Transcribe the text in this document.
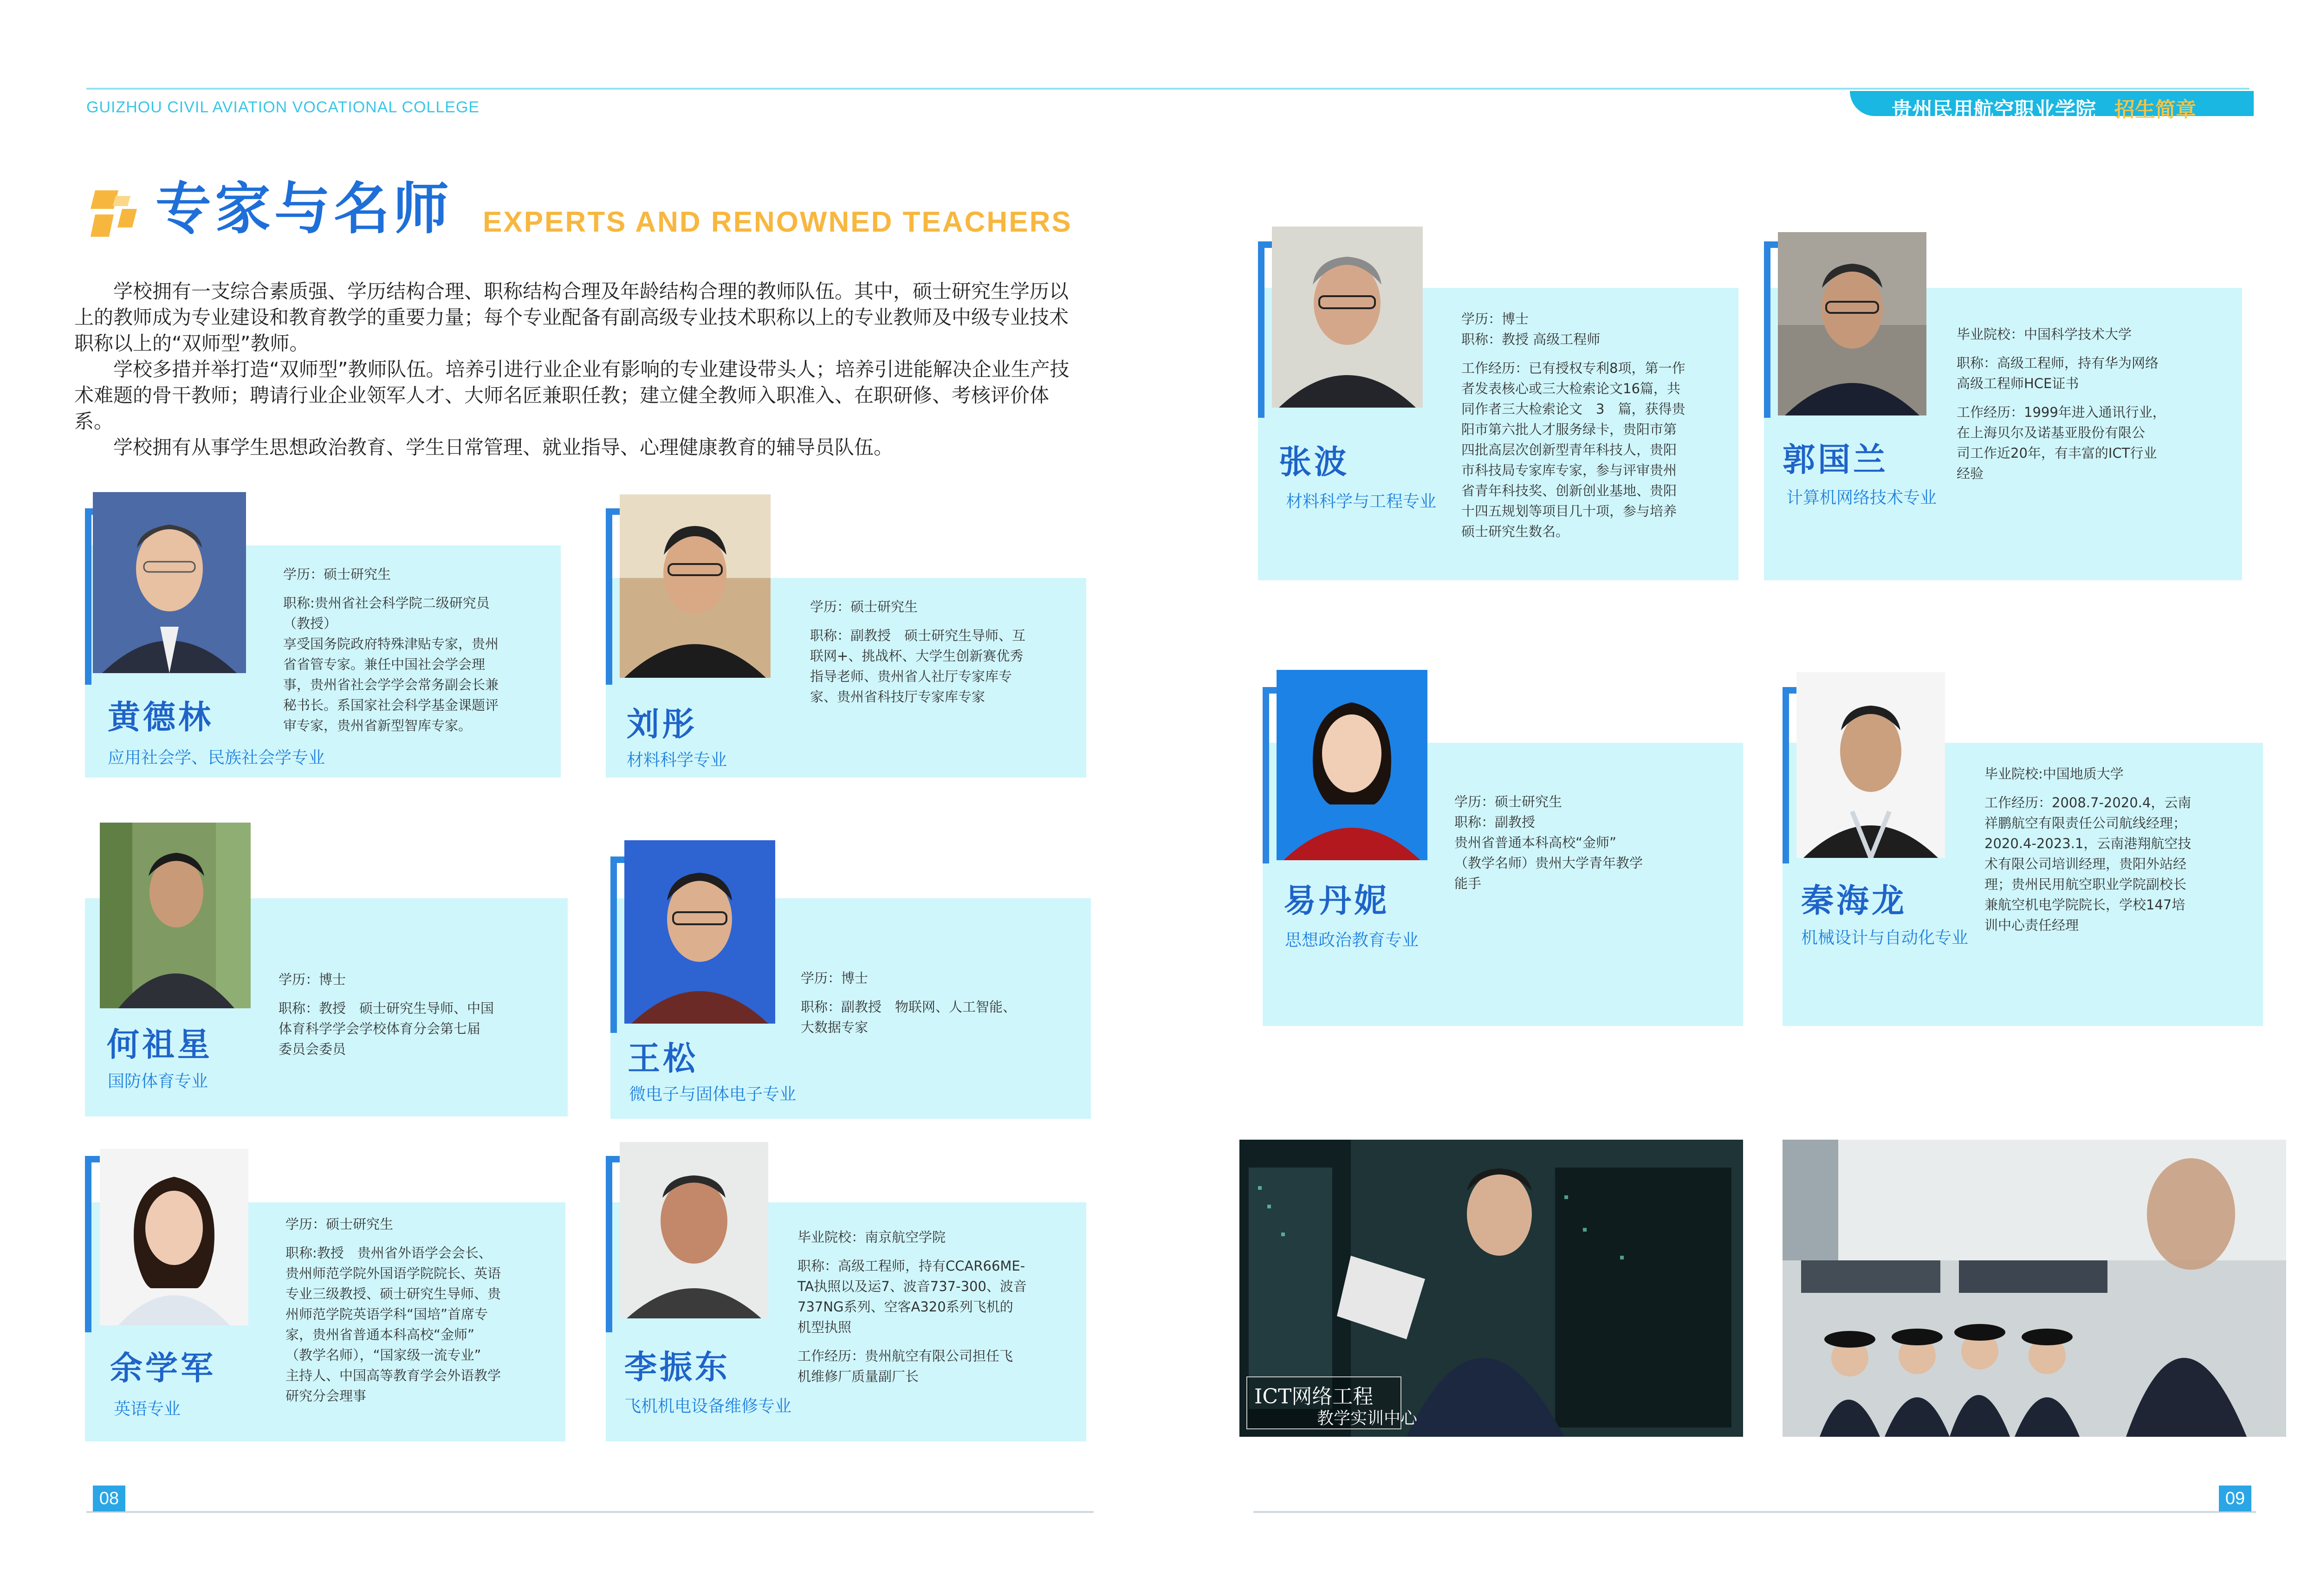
GUIZHOU CIVIL AVIATION VOCATIONAL COLLEGE	贵州民用航空职业学院 招生简章
专家与名师 EXPERTS AND RENOWNED TEACHERS

学校拥有一支综合素质强、学历结构合理、职称结构合理及年龄结构合理的教师队伍。其中，硕士研究生学历以上的教师成为专业建设和教育教学的重要力量；每个专业配备有副高级专业技术职称以上的专业教师及中级专业技术职称以上的“双师型”教师。

学校多措并举打造“双师型”教师队伍。培养引进行业企业有影响的专业建设带头人；培养引进能解决企业生产技术难题的骨干教师；聘请行业企业领军人才、大师名匠兼职任教；建立健全教师入职准入、在职研修、考核评价体系。

学校拥有从事学生思想政治教育、学生日常管理、就业指导、心理健康教育的辅导员队伍。

黄德林
应用社会学、民族社会学专业
学历：硕士研究生
职称:贵州省社会科学院二级研究员
（教授）
享受国务院政府特殊津贴专家，贵州
省省管专家。兼任中国社会学会理
事，贵州省社会学学会常务副会长兼
秘书长。系国家社会科学基金课题评
审专家，贵州省新型智库专家。	刘彤
材料科学专业
学历：硕士研究生
职称：副教授　硕士研究生导师、互
联网+、挑战杯、大学生创新赛优秀
指导老师、贵州省人社厅专家库专
家、贵州省科技厅专家库专家
何祖星
国防体育专业
学历：博士
职称：教授　硕士研究生导师、中国
体育科学学会学校体育分会第七届
委员会委员	王松
微电子与固体电子专业
学历：博士
职称：副教授　物联网、人工智能、
大数据专家
余学军
英语专业
学历：硕士研究生
职称:教授　贵州省外语学会会长、
贵州师范学院外国语学院院长、英语
专业三级教授、硕士研究生导师、贵
州师范学院英语学科“国培”首席专
家，贵州省普通本科高校“金师”
（教学名师），“国家级一流专业”
主持人、中国高等教育学会外语教学
研究分会理事
李振东
飞机机电设备维修专业
毕业院校：南京航空学院
职称：高级工程师，持有CCAR66ME-
TA执照以及运7、波音737-300、波音
737NG系列、空客A320系列飞机的
机型执照
工作经历：贵州航空有限公司担任飞
机维修厂质量副厂长
张波
材料科学与工程专业
学历：博士
职称：教授 高级工程师
工作经历：已有授权专利8项，第一作
者发表核心或三大检索论文16篇，共
同作者三大检索论文　3　篇，获得贵
阳市第六批人才服务绿卡，贵阳市第
四批高层次创新型青年科技人，贵阳
市科技局专家库专家，参与评审贵州
省青年科技奖、创新创业基地、贵阳
十四五规划等项目几十项，参与培养
硕士研究生数名。
郭国兰
计算机网络技术专业
毕业院校：中国科学技术大学
职称：高级工程师，持有华为网络
高级工程师HCE证书
工作经历：1999年进入通讯行业，
在上海贝尔及诺基亚股份有限公
司工作近20年，有丰富的ICT行业
经验
易丹妮
思想政治教育专业
学历：硕士研究生
职称：副教授
贵州省普通本科高校“金师”
（教学名师）贵州大学青年教学
能手	秦海龙
机械设计与自动化专业
毕业院校:中国地质大学
工作经历：2008.7-2020.4，云南
祥鹏航空有限责任公司航线经理；
2020.4-2023.1，云南港翔航空技
术有限公司培训经理，贵阳外站经
理；贵州民用航空职业学院副校长
兼航空机电学院院长，学校147培
训中心责任经理
ICT网络工程
教学实训中心
08	09
